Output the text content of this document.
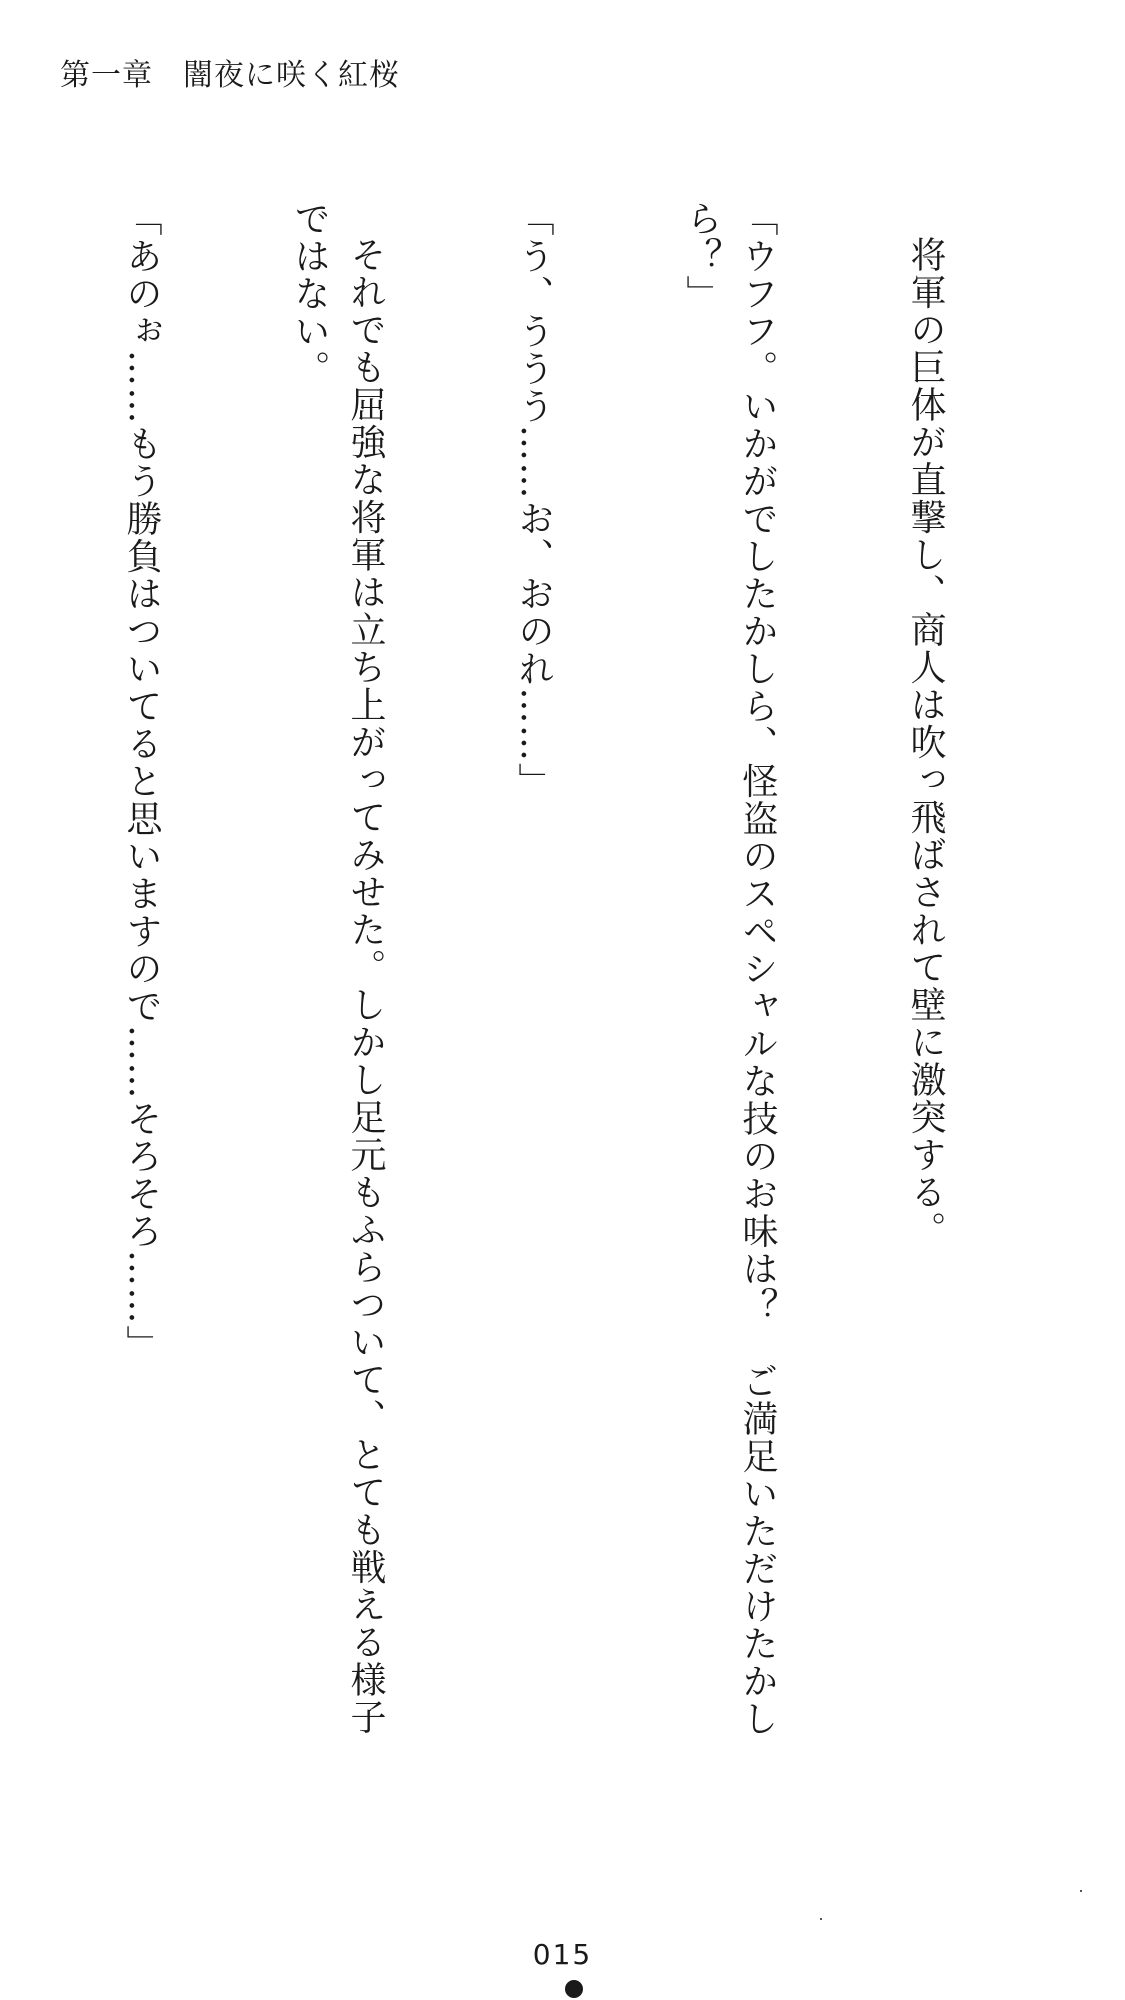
第一章 闇夜に咲く紅桜

将軍の巨体が直撃し、商人は吹っ飛ばされて壁に激突する。

「ウフフ。いかがでしたかしら、怪盗のスペシャルな技のお味は？　ご満足いただけたかしら？」

「う、ううう……お、おのれ……」

それでも屈強な将軍は立ち上がってみせた。しかし足元もふらついて、とても戦える様子ではない。

「あのぉ……もう勝負はついてると思いますので……そろそろ……」

015
